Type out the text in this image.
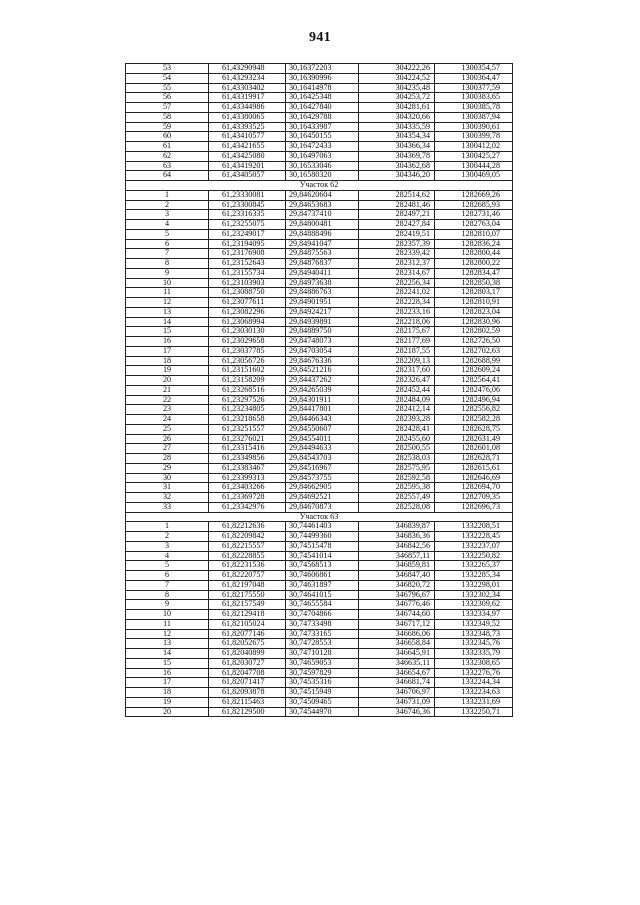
941
53	61,43290948	30,16372203	304222,26	1300354,57
54	61,43293234	30,16390996	304224,52	1300364,47
55	61,43303402	30,16414978	304235,48	1300377,59
56	61,43319917	30,16425348	304253,72	1300383,65
57	61,43344986	30,16427840	304281,61	1300385,78
58	61,43380065	30,16429788	304320,66	1300387,94
59	61,43393525	30,16433987	304335,59	1300390,61
60	61,43410577	30,16450155	304354,34	1300399,78
61	61,43421655	30,16472433	304366,34	1300412,02
62	61,43425080	30,16497063	304369,78	1300425,27
63	61,43419201	30,16533046	304362,68	1300444,28
64	61,43405057	30,16580320	304346,20	1300469,05
Участок 62				
1	61,23330081	29,84620604	282514,62	1282669,26
2	61,23300845	29,84653683	282481,46	1282685,93
3	61,23316335	29,84737410	282497,21	1282731,46
4	61,23255075	29,84800481	282427,84	1282763,04
5	61,23249017	29,84888496	282419,51	1282810,07
6	61,23194095	29,84941047	282357,39	1282836,24
7	61,23176908	29,84875563	282339,42	1282800,44
8	61,23152643	29,84876837	282312,37	1282800,22
9	61,23155734	29,84940411	282314,67	1282834,47
10	61,23103903	29,84973638	282256,34	1282850,38
11	61,23088750	29,84886763	282241,02	1282803,17
12	61,23077611	29,84901951	282228,34	1282810,91
13	61,23082296	29,84924217	282233,16	1282823,04
14	61,23068994	29,84939891	282218,06	1282830,96
15	61,23030130	29,84889750	282175,67	1282802,59
16	61,23029658	29,84748073	282177,69	1282726,50
17	61,23037785	29,84703054	282187,55	1282702,63
18	61,23056726	29,84676336	282209,13	1282688,99
19	61,23151602	29,84521216	282317,60	1282609,24
20	61,23158209	29,84437262	282326,47	1282564,41
21	61,23268516	29,84265039	282452,44	1282476,06
22	61,23297526	29,84301911	282484,09	1282496,94
23	61,23234805	29,84417801	282412,14	1282556,82
24	61,23218658	29,84466343	282393,28	1282582,28
25	61,23251557	29,84550607	282428,41	1282628,75
26	61,23276021	29,84554011	282455,60	1282631,49
27	61,23315416	29,84494633	282500,55	1282601,08
28	61,23349856	29,84543703	282538,03	1282628,71
29	61,23383467	29,84516967	282575,95	1282615,61
30	61,23399313	29,84573755	282592,58	1282646,69
31	61,23403266	29,84662905	282595,38	1282694,70
32	61,23369728	29,84692521	282557,49	1282709,35
33	61,23342976	29,84670873	282528,08	1282696,73
Участок 63				
1	61,82212636	30,74461403	346839,87	1332208,51
2	61,82209842	30,74499360	346836,36	1332228,45
3	61,82215557	30,74515478	346842,56	1332237,07
4	61,82228855	30,74541014	346857,11	1332250,82
5	61,82231536	30,74568513	346859,81	1332265,37
6	61,82220757	30,74606861	346847,40	1332285,34
7	61,82197048	30,74631897	346820,72	1332298,01
8	61,82175550	30,74641015	346796,67	1332302,34
9	61,82157549	30,74655584	346776,46	1332309,62
10	61,82129418	30,74704866	346744,60	1332334,97
11	61,82105024	30,74733498	346717,12	1332349,52
12	61,82077146	30,74733165	346686,06	1332348,73
13	61,82052675	30,74728553	346658,84	1332345,76
14	61,82040899	30,74710128	346645,91	1332335,79
15	61,82030727	30,74659053	346635,11	1332308,65
16	61,82047708	30,74597829	346654,67	1332276,76
17	61,82071417	30,74535316	346681,74	1332244,34
18	61,82093878	30,74515949	346706,97	1332234,63
19	61,82115463	30,74509465	346731,09	1332231,69
20	61,82129500	30,74544970	346746,36	1332250,71
